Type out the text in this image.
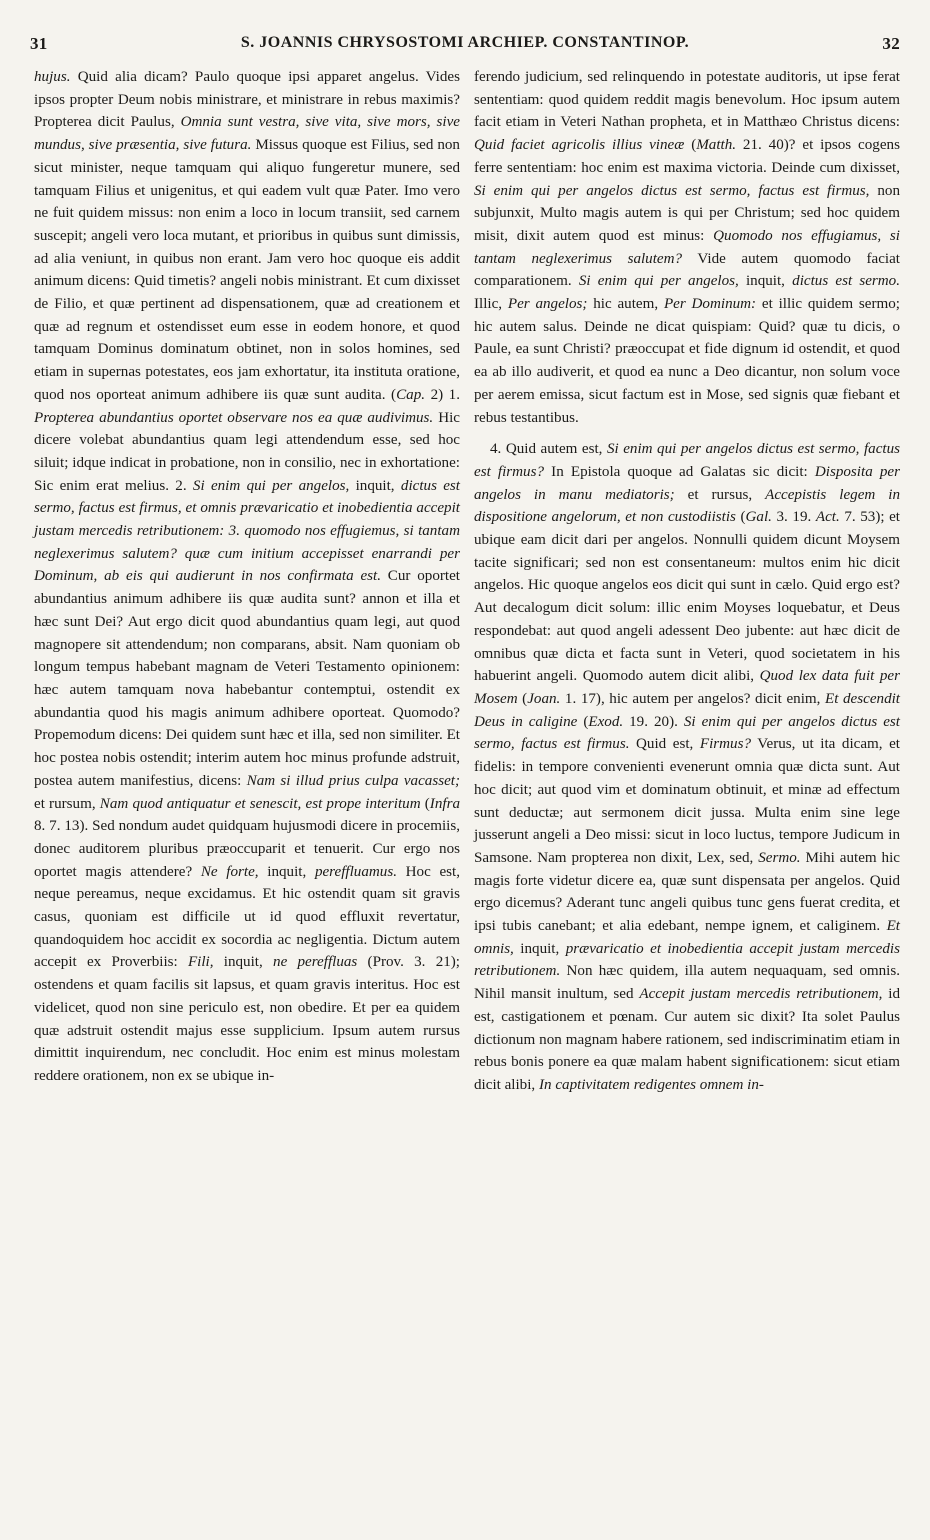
31	S. JOANNIS CHRYSOSTOMI ARCHIEP. CONSTANTINOP.	32

hujus. Quid alia dicam? Paulo quoque ipsi apparet angelus. Vides ipsos propter Deum nobis ministrare, et ministrare in rebus maximis? Propterea dicit Paulus, Omnia sunt vestra, sive vita, sive mors, sive mundus, sive præsentia, sive futura. Missus quoque est Filius, sed non sicut minister, neque tamquam qui aliquo fungeretur munere, sed tamquam Filius et unigenitus, et qui eadem vult quæ Pater. Imo vero ne fuit quidem missus: non enim a loco in locum transiit, sed carnem suscepit; angeli vero loca mutant, et prioribus in quibus sunt dimissis, ad alia veniunt, in quibus non erant. Jam vero hoc quoque eis addit animum dicens: Quid timetis? angeli nobis ministrant. Et cum dixisset de Filio, et quæ pertinent ad dispensationem, quæ ad creationem et quæ ad regnum et ostendisset eum esse in eodem honore, et quod tamquam Dominus dominatum obtinet, non in solos homines, sed etiam in supernas potestates, eos jam exhortatur, ita instituta oratione, quod nos oporteat animum adhibere iis quæ sunt audita. (Cap. 2) 1. Propterea abundantius oportet observare nos ea quæ audivimus. Hic dicere volebat abundantius quam legi attendendum esse, sed hoc siluit; idque indicat in probatione, non in consilio, nec in exhortatione: Sic enim erat melius. 2. Si enim qui per angelos, inquit, dictus est sermo, factus est firmus, et omnis prævaricatio et inobedientia accepit justam mercedis retributionem: 3. quomodo nos effugiemus, si tantam neglexerimus salutem? quæ cum initium accepisset enarrandi per Dominum, ab eis qui audierunt in nos confirmata est. Cur oportet abundantius animum adhibere iis quæ audita sunt? annon et illa et hæc sunt Dei? Aut ergo dicit quod abundantius quam legi, aut quod magnopere sit attendendum; non comparans, absit. Nam quoniam ob longum tempus habebant magnam de Veteri Testamento opinionem: hæc autem tamquam nova habebantur contemptui, ostendit ex abundantia quod his magis animum adhibere oporteat. Quomodo? Propemodum dicens: Dei quidem sunt hæc et illa, sed non similiter. Et hoc postea nobis ostendit; interim autem hoc minus profunde adstruit, postea autem manifestius, dicens: Nam si illud prius culpa vacasset; et rursum, Nam quod antiquatur et senescit, est prope interitum (Infra 8. 7. 13). Sed nondum audet quidquam hujusmodi dicere in procemiis, donec auditorem pluribus præoccuparit et tenuerit. Cur ergo nos oportet magis attendere? Ne forte, inquit, pereffluamus. Hoc est, neque pereamus, neque excidamus. Et hic ostendit quam sit gravis casus, quoniam est difficile ut id quod effluxit revertatur, quandoquidem hoc accidit ex socordia ac negligentia. Dictum autem accepit ex Proverbiis: Fili, inquit, ne pereffluas (Prov. 3. 21); ostendens et quam facilis sit lapsus, et quam gravis interitus. Hoc est videlicet, quod non sine periculo est, non obedire. Et per ea quidem quæ adstruit ostendit majus esse supplicium. Ipsum autem rursus dimittit inquirendum, nec concludit. Hoc enim est minus molestam reddere orationem, non ex se ubique in-

ferendo judicium, sed relinquendo in potestate auditoris, ut ipse ferat sententiam: quod quidem reddit magis benevolum. Hoc ipsum autem facit etiam in Veteri Nathan propheta, et in Matthæo Christus dicens: Quid faciet agricolis illius vineæ (Matth. 21. 40)? et ipsos cogens ferre sententiam: hoc enim est maxima victoria. Deinde cum dixisset, Si enim qui per angelos dictus est sermo, factus est firmus, non subjunxit, Multo magis autem is qui per Christum; sed hoc quidem misit, dixit autem quod est minus: Quomodo nos effugiamus, si tantam neglexerimus salutem? Vide autem quomodo faciat comparationem. Si enim qui per angelos, inquit, dictus est sermo. Illic, Per angelos; hic autem, Per Dominum: et illic quidem sermo; hic autem salus. Deinde ne dicat quispiam: Quid? quæ tu dicis, o Paule, ea sunt Christi? præoccupat et fide dignum id ostendit, et quod ea ab illo audiverit, et quod ea nunc a Deo dicantur, non solum voce per aerem emissa, sicut factum est in Mose, sed signis quæ fiebant et rebus testantibus.

4. Quid autem est, Si enim qui per angelos dictus est sermo, factus est firmus? In Epistola quoque ad Galatas sic dicit: Disposita per angelos in manu mediatoris; et rursus, Accepistis legem in dispositione angelorum, et non custodiistis (Gal. 3. 19. Act. 7. 53); et ubique eam dicit dari per angelos. Nonnulli quidem dicunt Moysem tacite significari; sed non est consentaneum: multos enim hic dicit angelos. Hic quoque angelos eos dicit qui sunt in cælo. Quid ergo est? Aut decalogum dicit solum: illic enim Moyses loquebatur, et Deus respondebat: aut quod angeli adessent Deo jubente: aut hæc dicit de omnibus quæ dicta et facta sunt in Veteri, quod societatem in his habuerint angeli. Quomodo autem dicit alibi, Quod lex data fuit per Mosem (Joan. 1. 17), hic autem per angelos? dicit enim, Et descendit Deus in caligine (Exod. 19. 20). Si enim qui per angelos dictus est sermo, factus est firmus. Quid est, Firmus? Verus, ut ita dicam, et fidelis: in tempore convenienti evenerunt omnia quæ dicta sunt. Aut hoc dicit; aut quod vim et dominatum obtinuit, et minæ ad effectum sunt deductæ; aut sermonem dicit jussa. Multa enim sine lege jusserunt angeli a Deo missi: sicut in loco luctus, tempore Judicum in Samsone. Nam propterea non dixit, Lex, sed, Sermo. Mihi autem hic magis forte videtur dicere ea, quæ sunt dispensata per angelos. Quid ergo dicemus? Aderant tunc angeli quibus tunc gens fuerat credita, et ipsi tubis canebant; et alia edebant, nempe ignem, et caliginem. Et omnis, inquit, prævaricatio et inobedientia accepit justam mercedis retributionem. Non hæc quidem, illa autem nequaquam, sed omnis. Nihil mansit inultum, sed Accepit justam mercedis retributionem, id est, castigationem et pœnam. Cur autem sic dixit? Ita solet Paulus dictionum non magnam habere rationem, sed indiscriminatim etiam in rebus bonis ponere ea quæ malam habent significationem: sicut etiam dicit alibi, In captivitatem redigentes omnem in-
